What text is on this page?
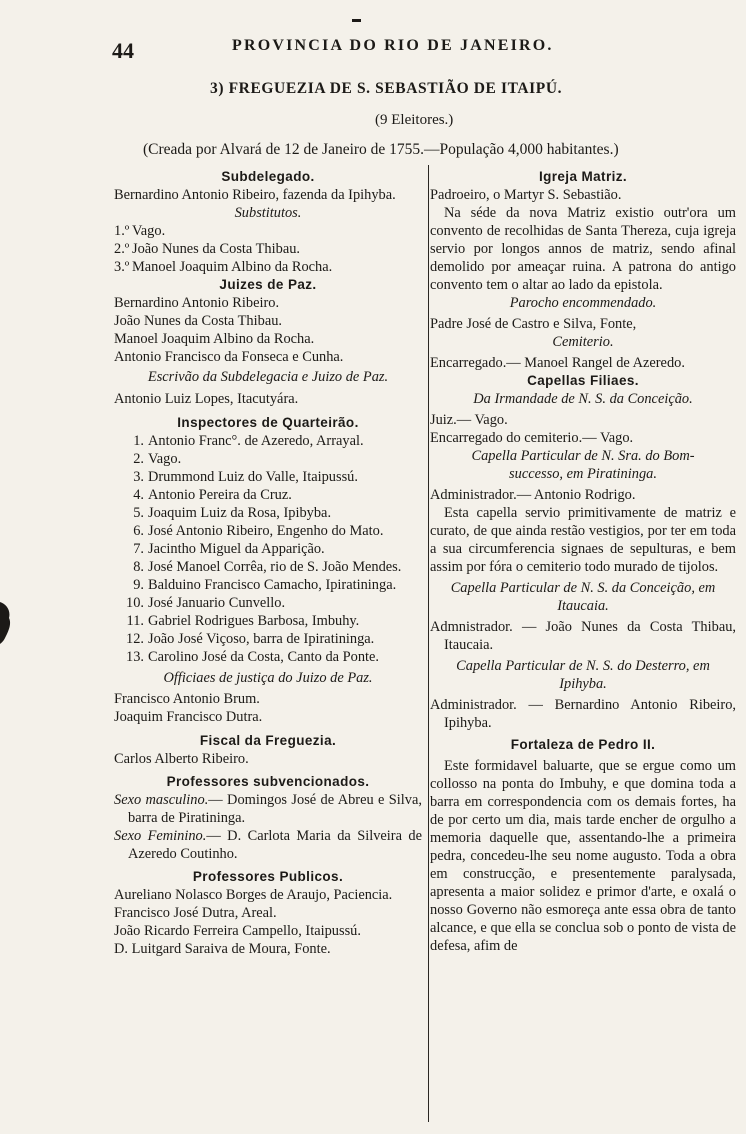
44	PROVINCIA DO RIO DE JANEIRO.
3) FREGUEZIA DE S. SEBASTIÃO DE ITAIPÚ.
(9 Eleitores.)
(Creada por Alvará de 12 de Janeiro de 1755.—População 4,000 habitantes.)
Subdelegado.
Bernardino Antonio Ribeiro, fazenda da Ipihyba.
Substitutos.
1.º Vago.
2.º João Nunes da Costa Thibau.
3.º Manoel Joaquim Albino da Rocha.
Juizes de Paz.
Bernardino Antonio Ribeiro.
João Nunes da Costa Thibau.
Manoel Joaquim Albino da Rocha.
Antonio Francisco da Fonseca e Cunha.
Escrivão da Subdelegacia e Juizo de Paz.
Antonio Luiz Lopes, Itacutyára.
Inspectores de Quarteirão.
1. Antonio Franc°. de Azeredo, Arrayal.
2. Vago.
3. Drummond Luiz do Valle, Itaipussú.
4. Antonio Pereira da Cruz.
5. Joaquim Luiz da Rosa, Ipibyba.
6. José Antonio Ribeiro, Engenho do Mato.
7. Jacintho Miguel da Apparição.
8. José Manoel Corrêa, rio de S. João Mendes.
9. Balduino Francisco Camacho, Ipiratininga.
10. José Januario Cunvello.
11. Gabriel Rodrigues Barbosa, Imbuhy.
12. João José Viçoso, barra de Ipiratininga.
13. Carolino José da Costa, Canto da Ponte.
Officiaes de justiça do Juizo de Paz.
Francisco Antonio Brum.
Joaquim Francisco Dutra.
Fiscal da Freguezia.
Carlos Alberto Ribeiro.
Professores subvencionados.
Sexo masculino.— Domingos José de Abreu e Silva, barra de Piratininga.
Sexo Feminino.— D. Carlota Maria da Silveira de Azeredo Coutinho.
Professores Publicos.
Aureliano Nolasco Borges de Araujo, Paciencia.
Francisco José Dutra, Areal.
João Ricardo Ferreira Campello, Itaipussú.
D. Luitgard Saraiva de Moura, Fonte.
Igreja Matriz.
Padroeiro, o Martyr S. Sebastião.
Na séde da nova Matriz existio outr'ora um convento de recolhidas de Santa Thereza, cuja igreja servio por longos annos de matriz, sendo afinal demolido por ameaçar ruina. A patrona do antigo convento tem o altar ao lado da epistola.
Parocho encommendado.
Padre José de Castro e Silva, Fonte,
Cemiterio.
Encarregado.— Manoel Rangel de Azeredo.
Capellas Filiaes.
Da Irmandade de N. S. da Conceição.
Juiz.— Vago.
Encarregado do cemiterio.— Vago.
Capella Particular de N. Sra. do Bom-successo, em Piratininga.
Administrador.— Antonio Rodrigo.
Esta capella servio primitivamente de matriz e curato, de que ainda restão vestigios, por ter em toda a sua circumferencia signaes de sepulturas, e bem assim por fóra o cemiterio todo murado de tijolos.
Capella Particular de N. S. da Conceição, em Itaucaia.
Admnistrador. — João Nunes da Costa Thibau, Itaucaia.
Capella Particular de N. S. do Desterro, em Ipihyba.
Administrador. — Bernardino Antonio Ribeiro, Ipihyba.
Fortaleza de Pedro II.
Este formidavel baluarte, que se ergue como um collosso na ponta do Imbuhy, e que domina toda a barra em correspondencia com os demais fortes, ha de por certo um dia, mais tarde encher de orgulho a memoria daquelle que, assentando-lhe a primeira pedra, concedeu-lhe seu nome augusto. Toda a obra em construcção, e presentemente paralysada, apresenta a maior solidez e primor d'arte, e oxalá o nosso Governo não esmoreça ante essa obra de tanto alcance, e que ella se conclua sob o ponto de vista de defesa, afim de
